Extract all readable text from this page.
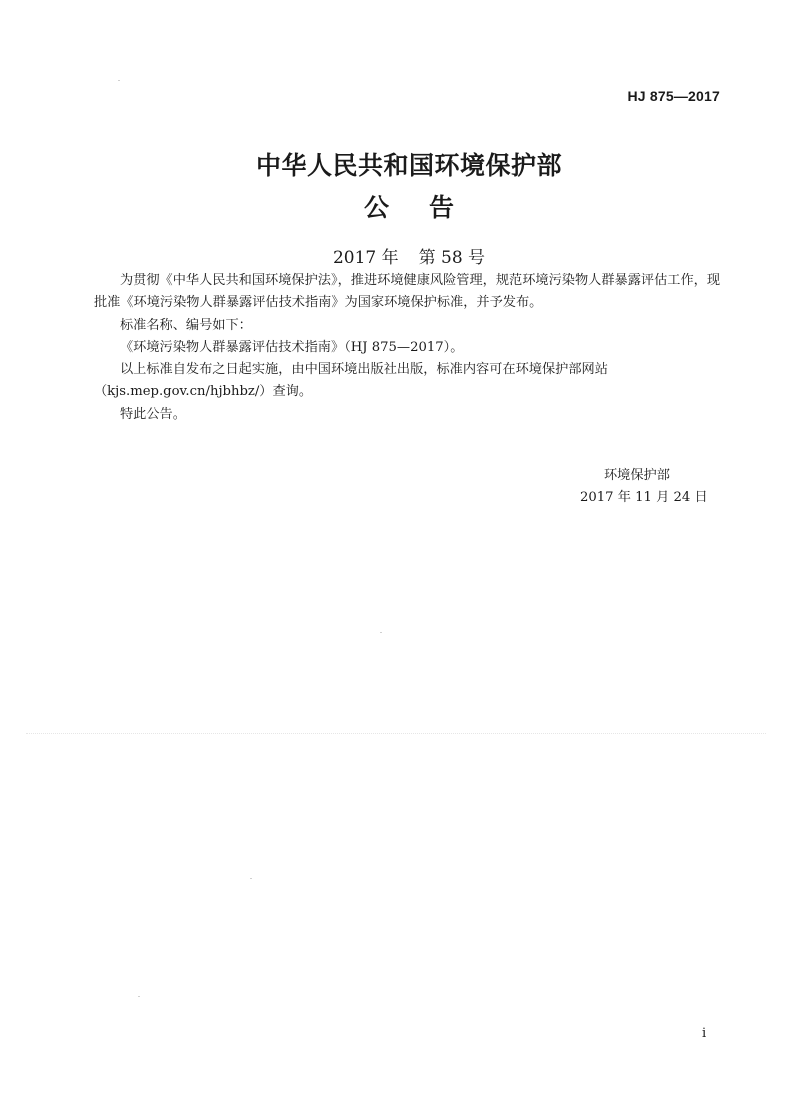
HJ 875—2017
中华人民共和国环境保护部
公告
2017 年 第 58 号

为贯彻《中华人民共和国环境保护法》，推进环境健康风险管理，规范环境污染物人群暴露评估工作，现批准《环境污染物人群暴露评估技术指南》为国家环境保护标准，并予发布。

标准名称、编号如下：

《环境污染物人群暴露评估技术指南》（HJ 875—2017）。

以上标准自发布之日起实施，由中国环境出版社出版，标准内容可在环境保护部网站（kjs.mep.gov.cn/hjbhbz/）查询。

特此公告。

环境保护部
2017 年 11 月 24 日
i
